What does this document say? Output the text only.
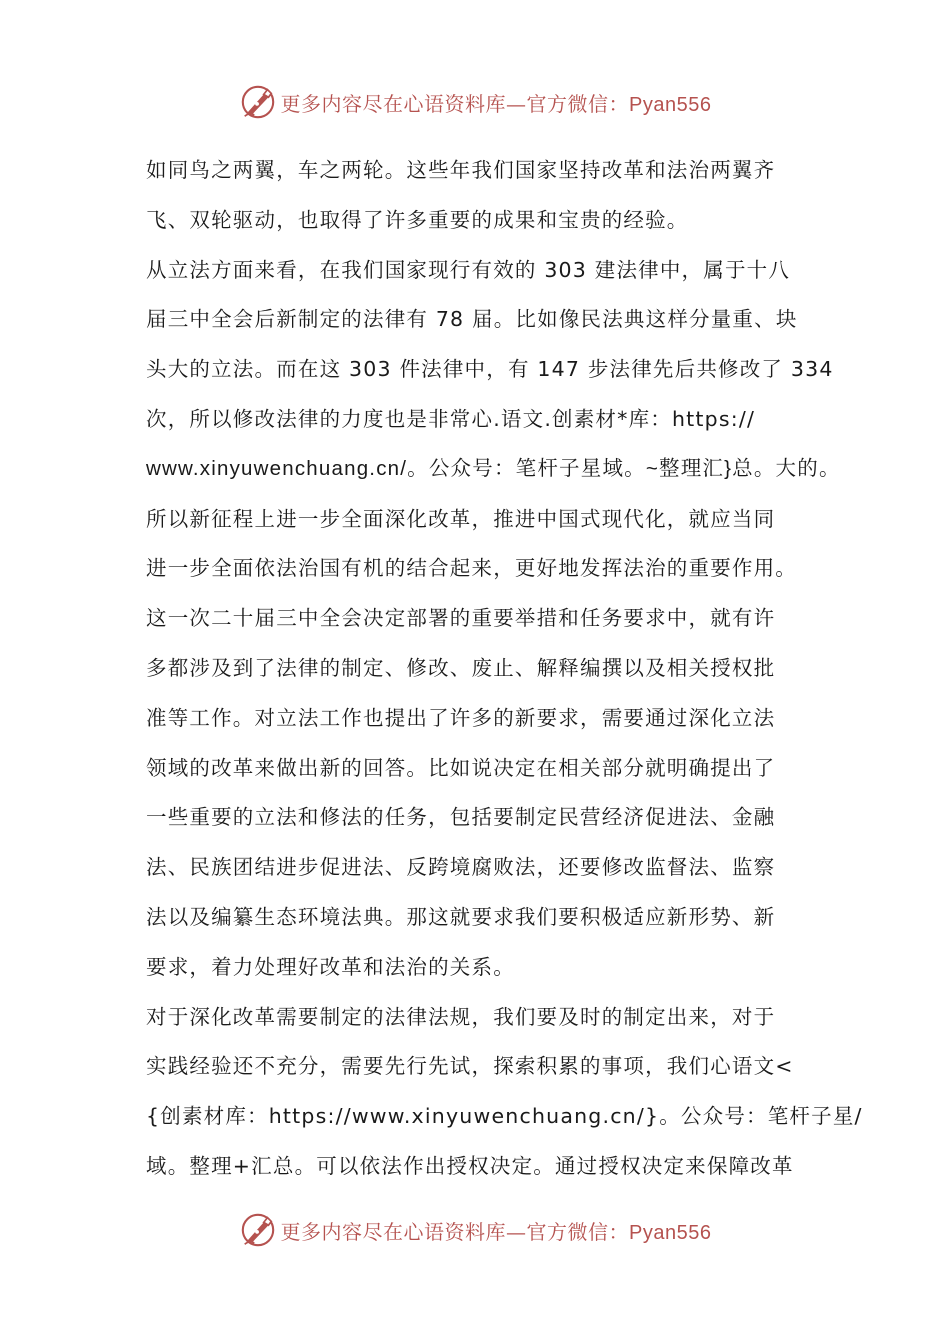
更多内容尽在心语资料库—官方微信：Pyan556
如同鸟之两翼，车之两轮。这些年我们国家坚持改革和法治两翼齐
飞、双轮驱动，也取得了许多重要的成果和宝贵的经验。
从立法方面来看，在我们国家现行有效的 303 建法律中，属于十八
届三中全会后新制定的法律有 78 届。比如像民法典这样分量重、块
头大的立法。而在这 303 件法律中，有 147 步法律先后共修改了 334
次，所以修改法律的力度也是非常心.语文.创素材*库：https://
www.xinyuwenchuang.cn/。公众号：笔杆子星域。~整理汇}总。大的。
所以新征程上进一步全面深化改革，推进中国式现代化，就应当同
进一步全面依法治国有机的结合起来，更好地发挥法治的重要作用。
这一次二十届三中全会决定部署的重要举措和任务要求中，就有许
多都涉及到了法律的制定、修改、废止、解释编撰以及相关授权批
准等工作。对立法工作也提出了许多的新要求，需要通过深化立法
领域的改革来做出新的回答。比如说决定在相关部分就明确提出了
一些重要的立法和修法的任务，包括要制定民营经济促进法、金融
法、民族团结进步促进法、反跨境腐败法，还要修改监督法、监察
法以及编纂生态环境法典。那这就要求我们要积极适应新形势、新
要求，着力处理好改革和法治的关系。
对于深化改革需要制定的法律法规，我们要及时的制定出来，对于
实践经验还不充分，需要先行先试，探索积累的事项，我们心语文<
{创素材库：https://www.xinyuwenchuang.cn/}。公众号：笔杆子星/
域。整理+汇总。可以依法作出授权决定。通过授权决定来保障改革
更多内容尽在心语资料库—官方微信：Pyan556
